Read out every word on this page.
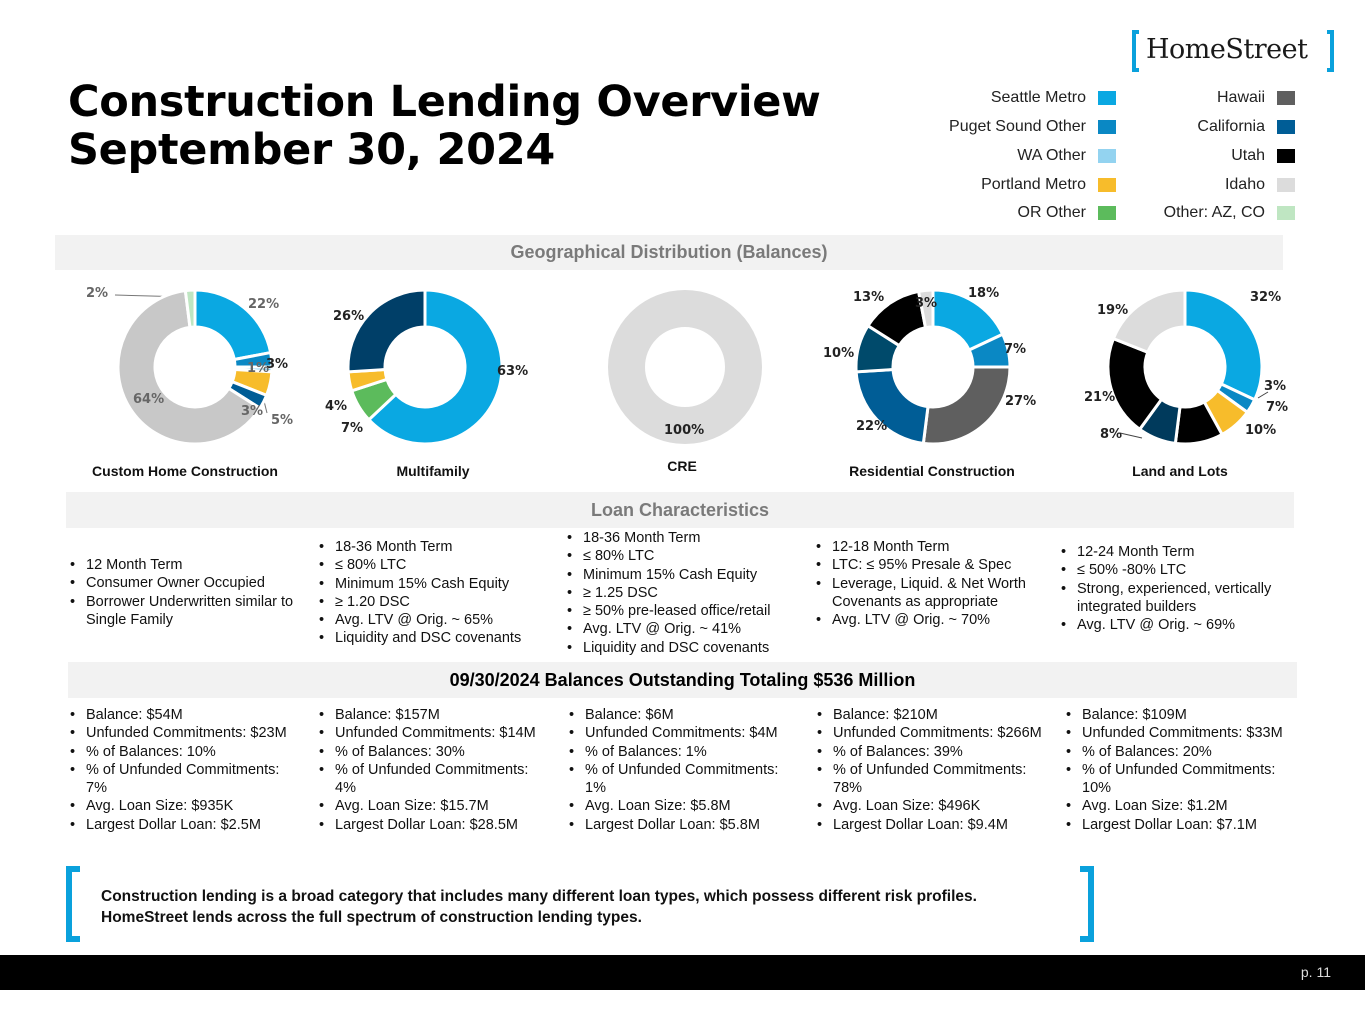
Construction Lending Overview
September 30, 2024
HomeStreet
Seattle Metro
Puget Sound Other
WA Other
Portland Metro
OR Other
Hawaii
California
Utah
Idaho
Other: AZ, CO
Geographical Distribution (Balances)
Loan Characteristics
09/30/2024 Balances Outstanding Totaling $536 Million
2%
22%
3%
1%
5%
3%
64%
Custom Home Construction
63%
7%
4%
26%
Multifamily
100%
CRE
18%
7%
27%
22%
10%
13% 3%
Residential Construction
32%
3%
7%
10%
8%
21%
19%
Land and Lots
• 12 Month Term
• Consumer Owner Occupied
• Borrower Underwritten similar to Single Family
• 18-36 Month Term
• ≤ 80% LTC
• Minimum 15% Cash Equity
• ≥ 1.20 DSC
• Avg. LTV @ Orig. ~ 65%
• Liquidity and DSC covenants
• 18-36 Month Term
• ≤ 80% LTC
• Minimum 15% Cash Equity
• ≥ 1.25 DSC
• ≥ 50% pre-leased office/retail
• Avg. LTV @ Orig. ~ 41%
• Liquidity and DSC covenants
• 12-18 Month Term
• LTC: ≤ 95% Presale & Spec
• Leverage, Liquid. & Net Worth Covenants as appropriate
• Avg. LTV @ Orig. ~ 70%
• 12-24 Month Term
• ≤ 50% -80% LTC
• Strong, experienced, vertically integrated builders
• Avg. LTV @ Orig. ~ 69%
• Balance: $54M
• Unfunded Commitments: $23M
• % of Balances: 10%
• % of Unfunded Commitments: 7%
• Avg. Loan Size: $935K
• Largest Dollar Loan: $2.5M
• Balance: $157M
• Unfunded Commitments: $14M
• % of Balances: 30%
• % of Unfunded Commitments: 4%
• Avg. Loan Size: $15.7M
• Largest Dollar Loan: $28.5M
• Balance: $6M
• Unfunded Commitments: $4M
• % of Balances: 1%
• % of Unfunded Commitments: 1%
• Avg. Loan Size: $5.8M
• Largest Dollar Loan: $5.8M
• Balance: $210M
• Unfunded Commitments: $266M
• % of Balances: 39%
• % of Unfunded Commitments: 78%
• Avg. Loan Size: $496K
• Largest Dollar Loan: $9.4M
• Balance: $109M
• Unfunded Commitments: $33M
• % of Balances: 20%
• % of Unfunded Commitments: 10%
• Avg. Loan Size: $1.2M
• Largest Dollar Loan: $7.1M
Construction lending is a broad category that includes many different loan types, which possess different risk profiles.
HomeStreet lends across the full spectrum of construction lending types.
p. 11
